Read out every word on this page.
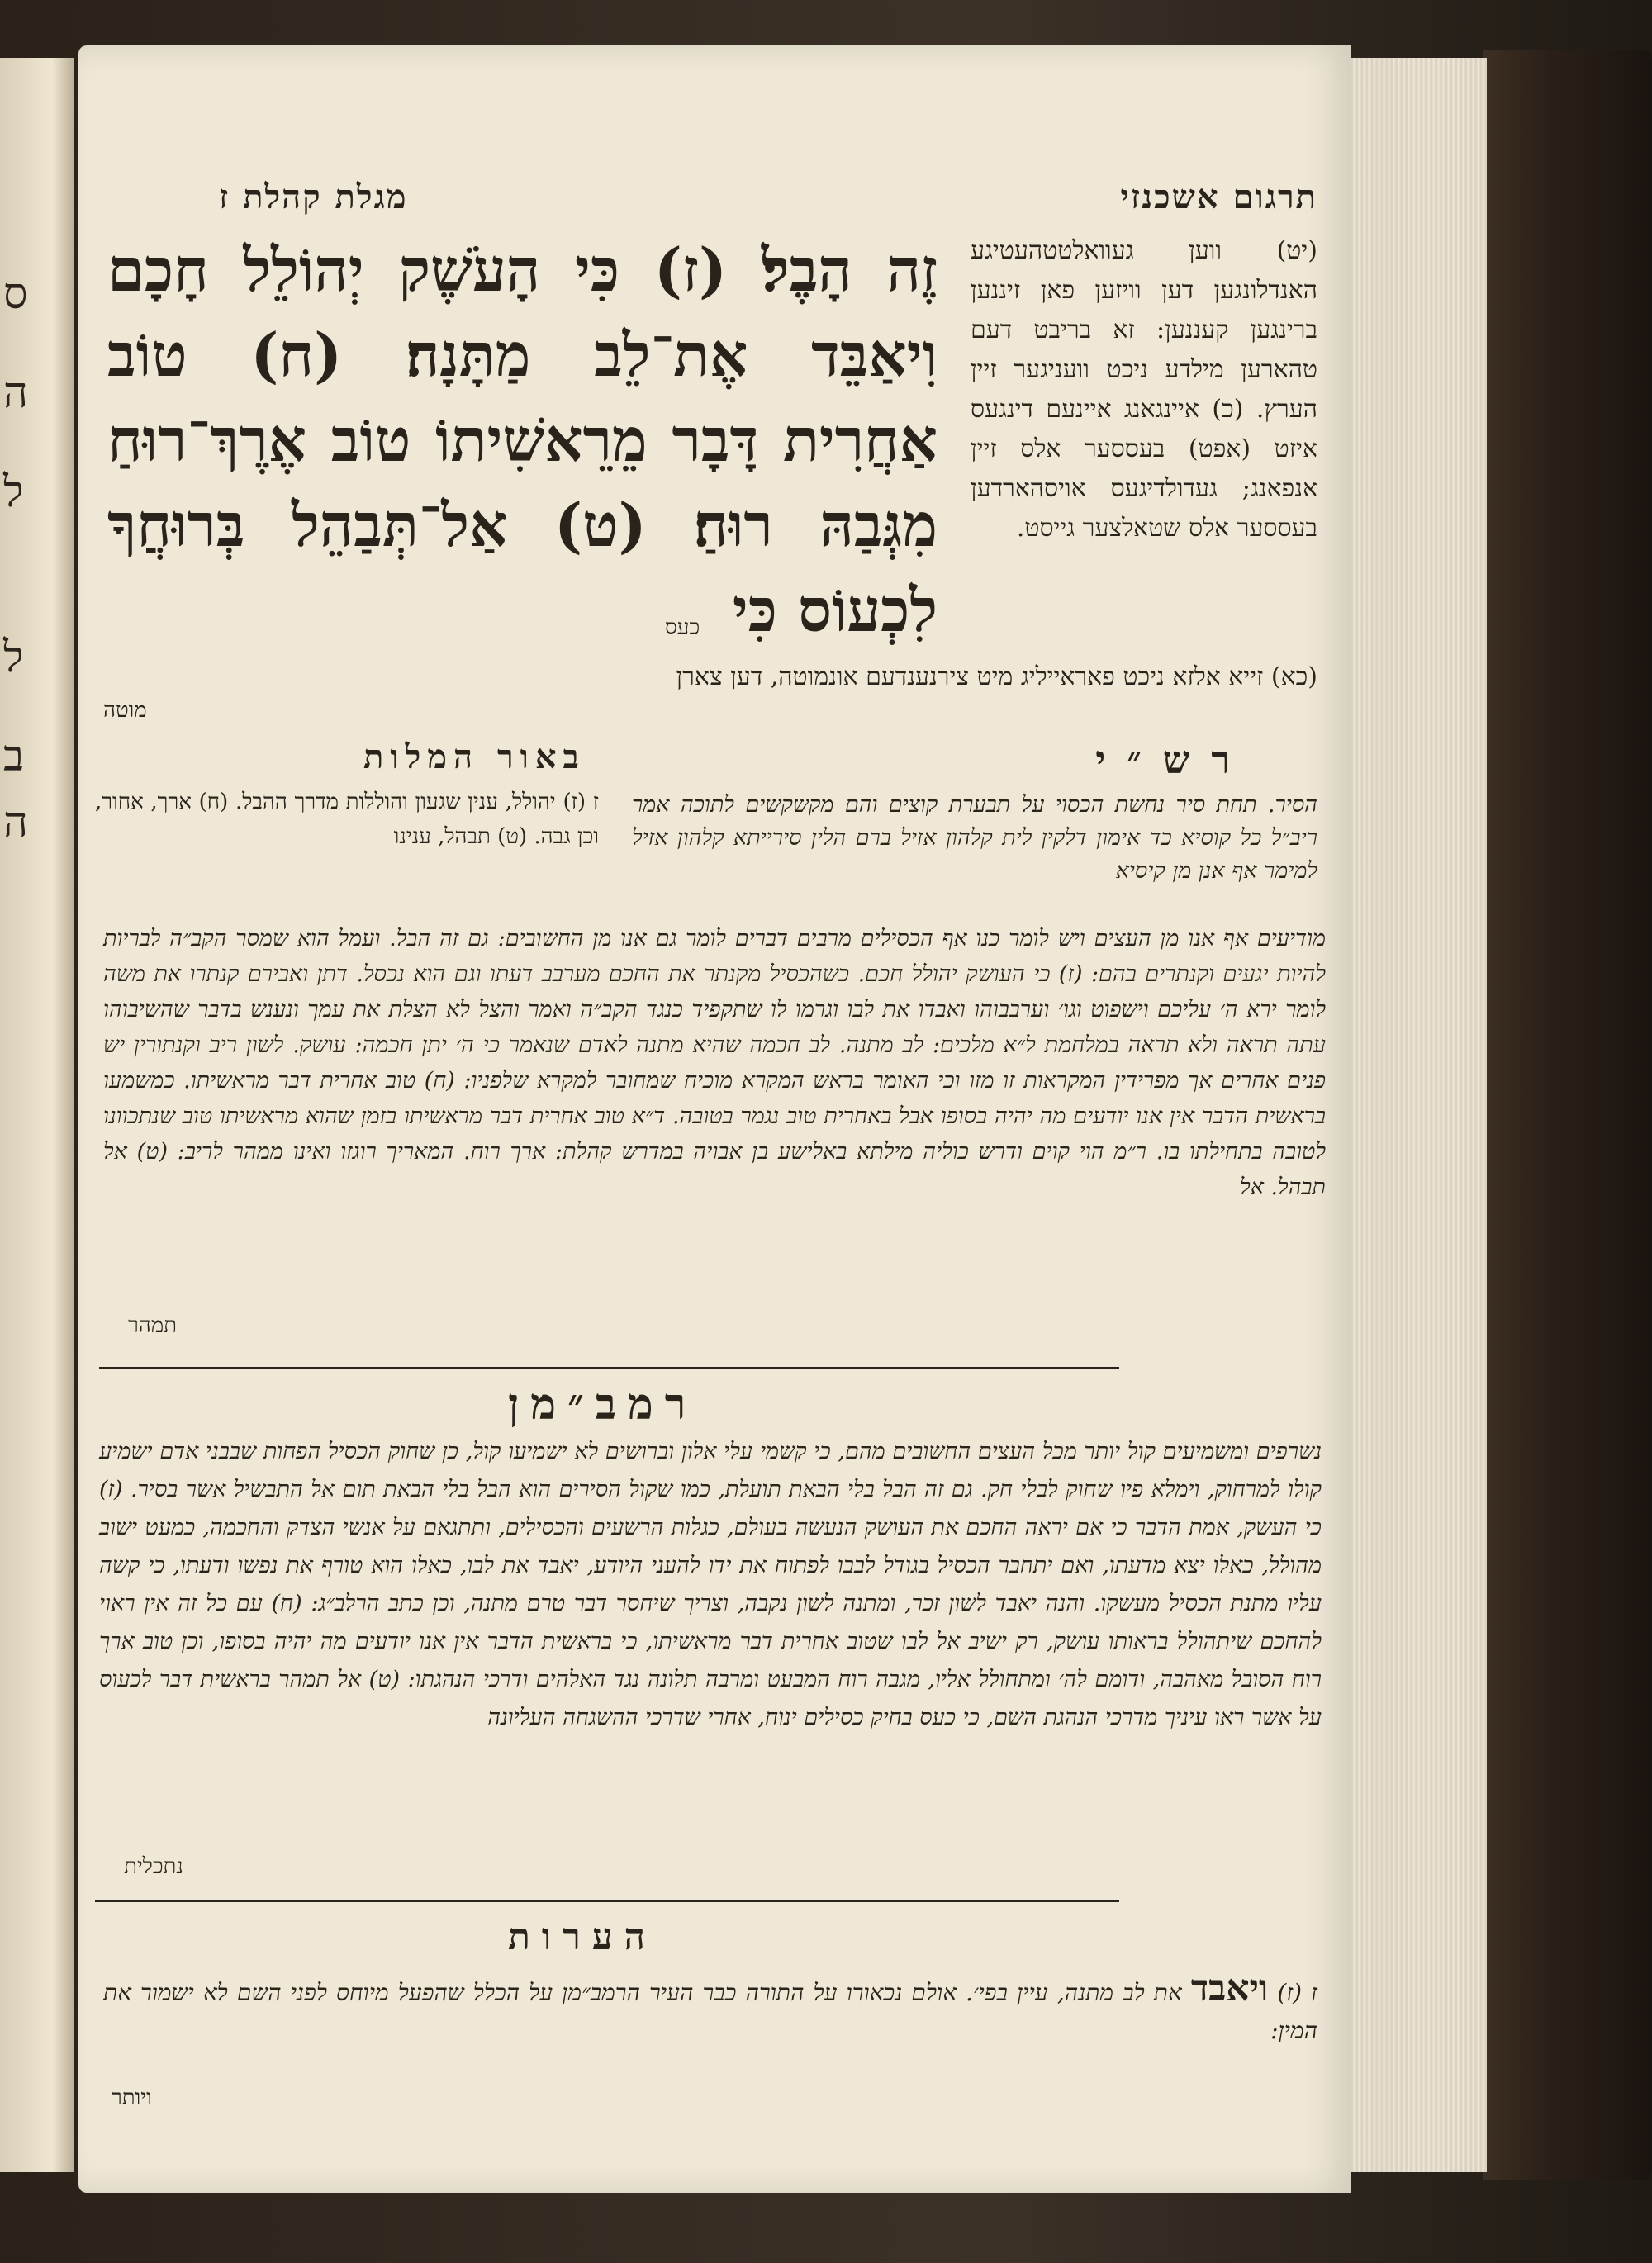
ס
ה
ל
ל
ב
ה
תרגום אשכנזי
מגלת קהלת ז
(יט) ווען געוואלטטהעטיגע האנדלונגען דען וויזען פאן זיננען ברינגען קעננען: זא בריבט דעם טהארען מילדע ניכט וועניגער זיין הערץ. (כ) איינגאנג איינעם דינגעס איזט (אפט) בעססער אלס זיין אנפאנג; געדולדיגעס אויסהארדען בעססער אלס שטאלצער גייסט.
זֶה הָבֶל׃ (ז) כִּי הָעֹשֶׁק יְהוֹלֵל חָכָם וִיאַבֵּד אֶת־לֵב מַתָּנָה׃ (ח) טוֹב אַחֲרִית דָּבָר מֵרֵאשִׁיתוֹ טוֹב אֶרֶךְ־רוּחַ מִגְּבַהּ רוּחַ׃ (ט) אַל־תְּבַהֵל בְּרוּחֲךָ לִכְעוֹס כִּי
כעס
(כא) זייא אלזא ניכט פאראייליג מיט צירנענדעם אונמוטה, דען צארן
מוטה
רש״י
באור המלות
ז (ז) יהולל, ענין שגעון והוללות מדרך ההבל. (ח) ארך, אחור, וכן גבה. (ט) תבהל, ענינו
הסיר. תחת סיר נחשת הכסוי על תבערת קוצים והם מקשקשים לתוכה אמר ריב״ל כל קוסיא כד אימון דלקין לית קלהון אזיל ברם הלין סירייתא קלהון אזיל למימר אף אנן מן קיסיא
מודיעים אף אנו מן העצים ויש לומר כנו אף הכסילים מרבים דברים לומר גם אנו מן החשובים: גם זה הבל. ועמל הוא שמסר הקב״ה לבריות להיות יגעים וקנתרים בהם: (ז) כי העושק יהולל חכם. כשהכסיל מקנתר את החכם מערבב דעתו וגם הוא נכסל. דתן ואבירם קנתרו את משה לומר ירא ה׳ עליכם וישפוט וגו׳ וערבבוהו ואבדו את לבו וגרמו לו שתקפיד כנגד הקב״ה ואמר והצל לא הצלת את עמך ונענש בדבר שהשיבוהו עתה תראה ולא תראה במלחמת ל״א מלכים: לב מתנה. לב חכמה שהיא מתנה לאדם שנאמר כי ה׳ יתן חכמה: עושק. לשון ריב וקנתורין יש פנים אחרים אך מפרידין המקראות זו מזו וכי האומר בראש המקרא מוכיח שמחובר למקרא שלפניו: (ח) טוב אחרית דבר מראשיתו. כמשמעו בראשית הדבר אין אנו יודעים מה יהיה בסופו אבל באחרית טוב נגמר בטובה. ד״א טוב אחרית דבר מראשיתו בזמן שהוא מראשיתו טוב שנתכוונו לטובה בתחילתו בו. ר״מ הוי קוים ודרש כוליה מילתא באלישע בן אבויה במדרש קהלת: ארך רוח. המאריך רוגזו ואינו ממהר לריב: (ט) אל תבהל. אל
תמהר
רמב״מן
נשרפים ומשמיעים קול יותר מכל העצים החשובים מהם, כי קשמי עלי אלון וברושים לא ישמיעו קול, כן שחוק הכסיל הפחות שבבני אדם ישמיע קולו למרחוק, וימלא פיו שחוק לבלי חק. גם זה הבל בלי הבאת תועלת, כמו שקול הסירים הוא הבל בלי הבאת תום אל התבשיל אשר בסיר. (ז) כי העשק, אמת הדבר כי אם יראה החכם את העושק הנעשה בעולם, כגלות הרשעים והכסילים, ותתגאם על אנשי הצדק והחכמה, כמעט ישוב מהולל, כאלו יצא מדעתו, ואם יתחבר הכסיל בגודל לבבו לפתוח את ידו להעני היודע, יאבד את לבו, כאלו הוא טורף את נפשו ודעתו, כי קשה עליו מתנת הכסיל מעשקו. והנה יאבד לשון זכר, ומתנה לשון נקבה, וצריך שיחסר דבר טרם מתנה, וכן כתב הרלב״ג: (ח) עם כל זה אין ראוי להחכם שיתהולל בראותו עושק, רק ישיב אל לבו שטוב אחרית דבר מראשיתו, כי בראשית הדבר אין אנו יודעים מה יהיה בסופו, וכן טוב ארך רוח הסובל מאהבה, ודומם לה׳ ומתחולל אליו, מגבה רוח המבעט ומרבה תלונה נגד האלהים ודרכי הנהגתו: (ט) אל תמהר בראשית דבר לכעוס על אשר ראו עיניך מדרכי הנהגת השם, כי כעס בחיק כסילים ינוח, אחרי שדרכי ההשגחה העליונה
נתכלית
הערות
ז (ז) ויאבד את לב מתנה, עיין בפי׳. אולם נכאורו על התורה כבר העיר הרמב״מן על הכלל שהפעל מיוחס לפני השם לא ישמור את המין:
ויותר
